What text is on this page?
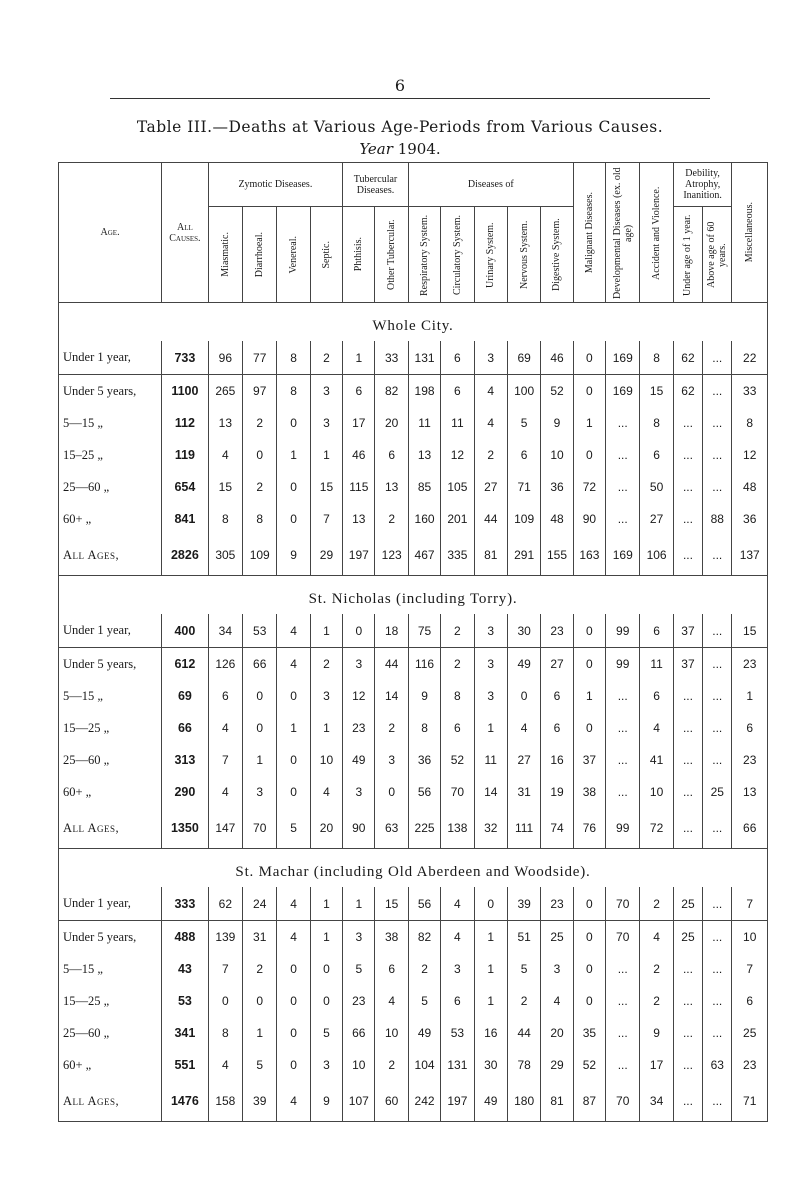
6
Table III.—Deaths at Various Age-Periods from Various Causes.
Year 1904.
Age.	All Causes.	Zymotic Diseases.				Tubercular Diseases.		Diseases of					Malignant Diseases.	Developmental Diseases (ex. old age)	Accident and Violence.	Debility, Atrophy, Inanition.		Miscellaneous.

		Miasmatic.	Diarrhoeal.	Venereal.	Septic.	Phthisis.	Other Tubercular.	Respiratory System.	Circulatory System.	Urinary System.	Nervous System.	Digestive System.				Under age of 1 year.	Above age of 60 years.	

Whole City.																		
Under 1 year,	733	96	77	8	2	1	33	131	6	3	69	46	0	169	8	62	...	22
Under 5 years,	1100	265	97	8	3	6	82	198	6	4	100	52	0	169	15	62	...	33
5—15 „	112	13	2	0	3	17	20	11	11	4	5	9	1	...	8	...	...	8
15–25 „	119	4	0	1	1	46	6	13	12	2	6	10	0	...	6	...	...	12
25—60 „	654	15	2	0	15	115	13	85	105	27	71	36	72	...	50	...	...	48
60+ „	841	8	8	0	7	13	2	160	201	44	109	48	90	...	27	...	88	36
All Ages,	2826	305	109	9	29	197	123	467	335	81	291	155	163	169	106	...	...	137
St. Nicholas (including Torry).																		
Under 1 year,	400	34	53	4	1	0	18	75	2	3	30	23	0	99	6	37	...	15
Under 5 years,	612	126	66	4	2	3	44	116	2	3	49	27	0	99	11	37	...	23
5—15 „	69	6	0	0	3	12	14	9	8	3	0	6	1	...	6	...	...	1
15—25 „	66	4	0	1	1	23	2	8	6	1	4	6	0	...	4	...	...	6
25—60 „	313	7	1	0	10	49	3	36	52	11	27	16	37	...	41	...	...	23
60+ „	290	4	3	0	4	3	0	56	70	14	31	19	38	...	10	...	25	13
All Ages,	1350	147	70	5	20	90	63	225	138	32	111	74	76	99	72	...	...	66
St. Machar (including Old Aberdeen and Woodside).																		
Under 1 year,	333	62	24	4	1	1	15	56	4	0	39	23	0	70	2	25	...	7
Under 5 years,	488	139	31	4	1	3	38	82	4	1	51	25	0	70	4	25	...	10
5—15 „	43	7	2	0	0	5	6	2	3	1	5	3	0	...	2	...	...	7
15—25 „	53	0	0	0	0	23	4	5	6	1	2	4	0	...	2	...	...	6
25—60 „	341	8	1	0	5	66	10	49	53	16	44	20	35	...	9	...	...	25
60+ „	551	4	5	0	3	10	2	104	131	30	78	29	52	...	17	...	63	23
All Ages,	1476	158	39	4	9	107	60	242	197	49	180	81	87	70	34	...	...	71
